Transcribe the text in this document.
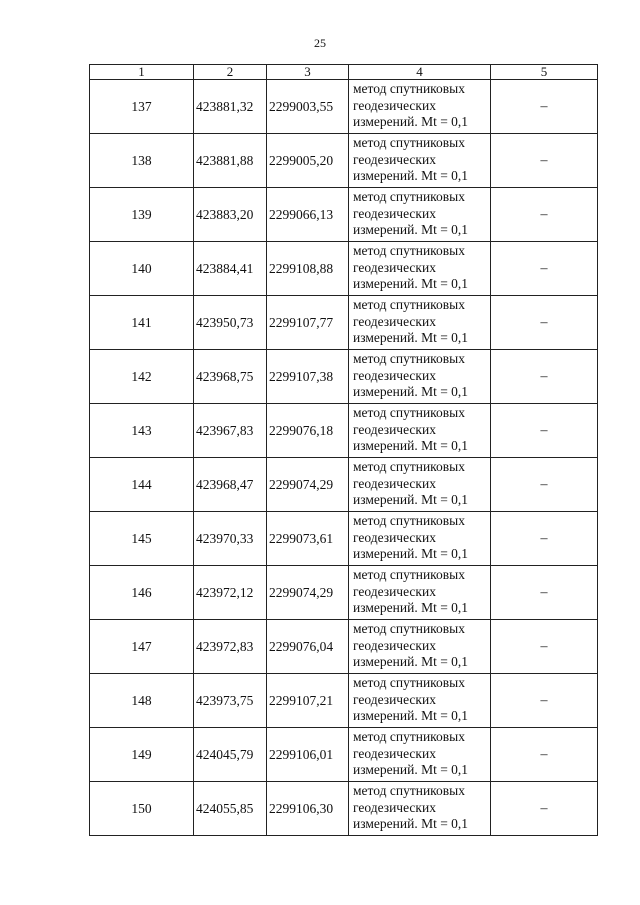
25
1	2	3	4	5
137	423881,32	2299003,55	метод спутниковых
геодезических
измерений. Mt = 0,1	–
138	423881,88	2299005,20	метод спутниковых
геодезических
измерений. Mt = 0,1	–
139	423883,20	2299066,13	метод спутниковых
геодезических
измерений. Mt = 0,1	–
140	423884,41	2299108,88	метод спутниковых
геодезических
измерений. Mt = 0,1	–
141	423950,73	2299107,77	метод спутниковых
геодезических
измерений. Mt = 0,1	–
142	423968,75	2299107,38	метод спутниковых
геодезических
измерений. Mt = 0,1	–
143	423967,83	2299076,18	метод спутниковых
геодезических
измерений. Mt = 0,1	–
144	423968,47	2299074,29	метод спутниковых
геодезических
измерений. Mt = 0,1	–
145	423970,33	2299073,61	метод спутниковых
геодезических
измерений. Mt = 0,1	–
146	423972,12	2299074,29	метод спутниковых
геодезических
измерений. Mt = 0,1	–
147	423972,83	2299076,04	метод спутниковых
геодезических
измерений. Mt = 0,1	–
148	423973,75	2299107,21	метод спутниковых
геодезических
измерений. Mt = 0,1	–
149	424045,79	2299106,01	метод спутниковых
геодезических
измерений. Mt = 0,1	–
150	424055,85	2299106,30	метод спутниковых
геодезических
измерений. Mt = 0,1	–
